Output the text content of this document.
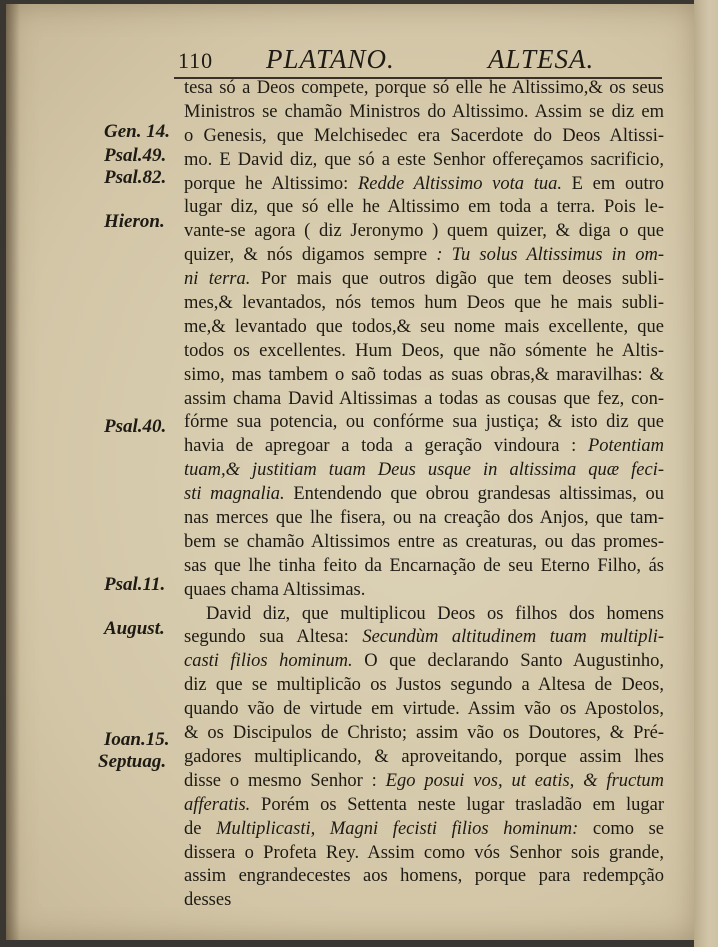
110 PLATANO.	ALTESA.
Gen. 14.
Psal.49.
Psal.82.
Hieron.
Psal.40.
Psal.11.
August.
Ioan.15.
Septuag.
tesa só a Deos compete, porque só elle he Altissimo,& os seus
Ministros se chamão Ministros do Altissimo. Assim se diz em
o Genesis, que Melchisedec era Sacerdote do Deos Altissi-
mo. E David diz, que só a este Senhor offereçamos sacrificio,
porque he Altissimo: Redde Altissimo vota tua. E em outro
lugar diz, que só elle he Altissimo em toda a terra. Pois le-
vante-se agora ( diz Jeronymo ) quem quizer, & diga o que
quizer, & nós digamos sempre : Tu solus Altissimus in om-
ni terra. Por mais que outros digão que tem deoses subli-
mes,& levantados, nós temos hum Deos que he mais subli-
me,& levantado que todos,& seu nome mais excellente, que
todos os excellentes. Hum Deos, que não sómente he Altis-
simo, mas tambem o saõ todas as suas obras,& maravilhas: &
assim chama David Altissimas a todas as cousas que fez, con-
fórme sua potencia, ou confórme sua justiça; & isto diz que
havia de apregoar a toda a geração vindoura : Potentiam
tuam,& justitiam tuam Deus usque in altissima quæ feci-
sti magnalia. Entendendo que obrou grandesas altissimas, ou
nas merces que lhe fisera, ou na creação dos Anjos, que tam-
bem se chamão Altissimos entre as creaturas, ou das promes-
sas que lhe tinha feito da Encarnação de seu Eterno Filho, ás
quaes chama Altissimas.
David diz, que multiplicou Deos os filhos dos homens
segundo sua Altesa: Secundùm altitudinem tuam multipli-
casti filios hominum. O que declarando Santo Augustinho,
diz que se multiplicão os Justos segundo a Altesa de Deos,
quando vão de virtude em virtude. Assim vão os Apostolos,
& os Discipulos de Christo; assim vão os Doutores, & Pré-
gadores multiplicando, & aproveitando, porque assim lhes
disse o mesmo Senhor : Ego posui vos, ut eatis, & fructum
afferatis. Porém os Settenta neste lugar trasladão em lugar
de Multiplicasti, Magni fecisti filios hominum: como se
dissera o Profeta Rey. Assim como vós Senhor sois grande,
assim engrandecestes aos homens, porque para redempção
desses
